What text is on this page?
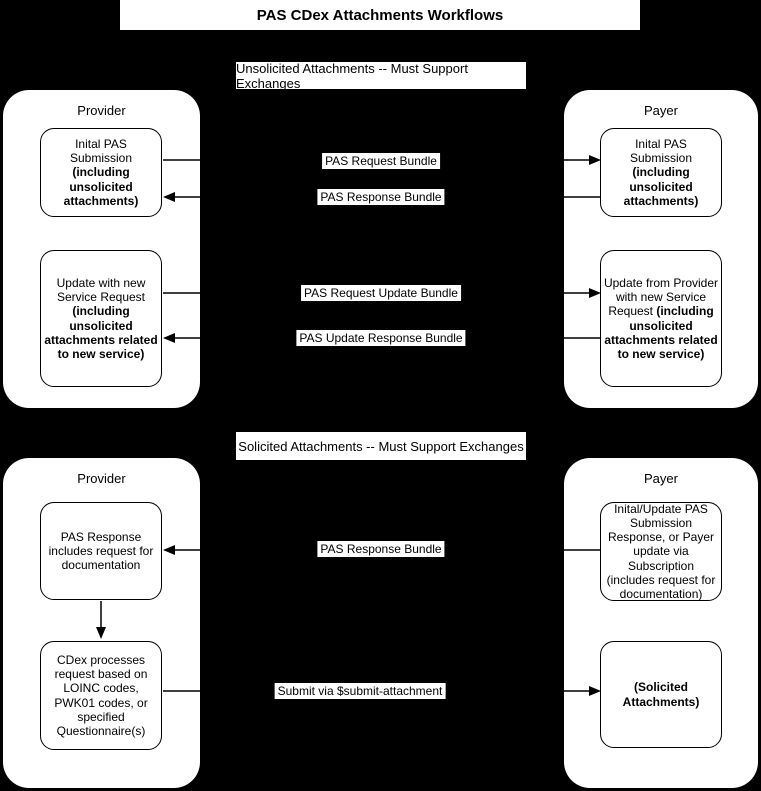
PAS CDex Attachments Workflows
Unsolicited Attachments -- Must Support Exchanges
Solicited Attachments -- Must Support Exchanges
Provider	Payer
Provider	Payer
Inital PAS Submission (including unsolicited attachments)
Update with new Service Request (including unsolicited attachments related to new service)
Inital PAS Submission (including unsolicited attachments)
Update from Provider with new Service Request (including unsolicited attachments related to new service)
PAS Response includes request for documentation
CDex processes request based on LOINC codes, PWK01 codes, or specified Questionnaire(s)
Inital/Update PAS Submission Response, or Payer update via Subscription (includes request for documentation)
(Solicited Attachments)
PAS Request Bundle
PAS Response Bundle
PAS Request Update Bundle
PAS Update Response Bundle
PAS Response Bundle
Submit via $submit-attachment
